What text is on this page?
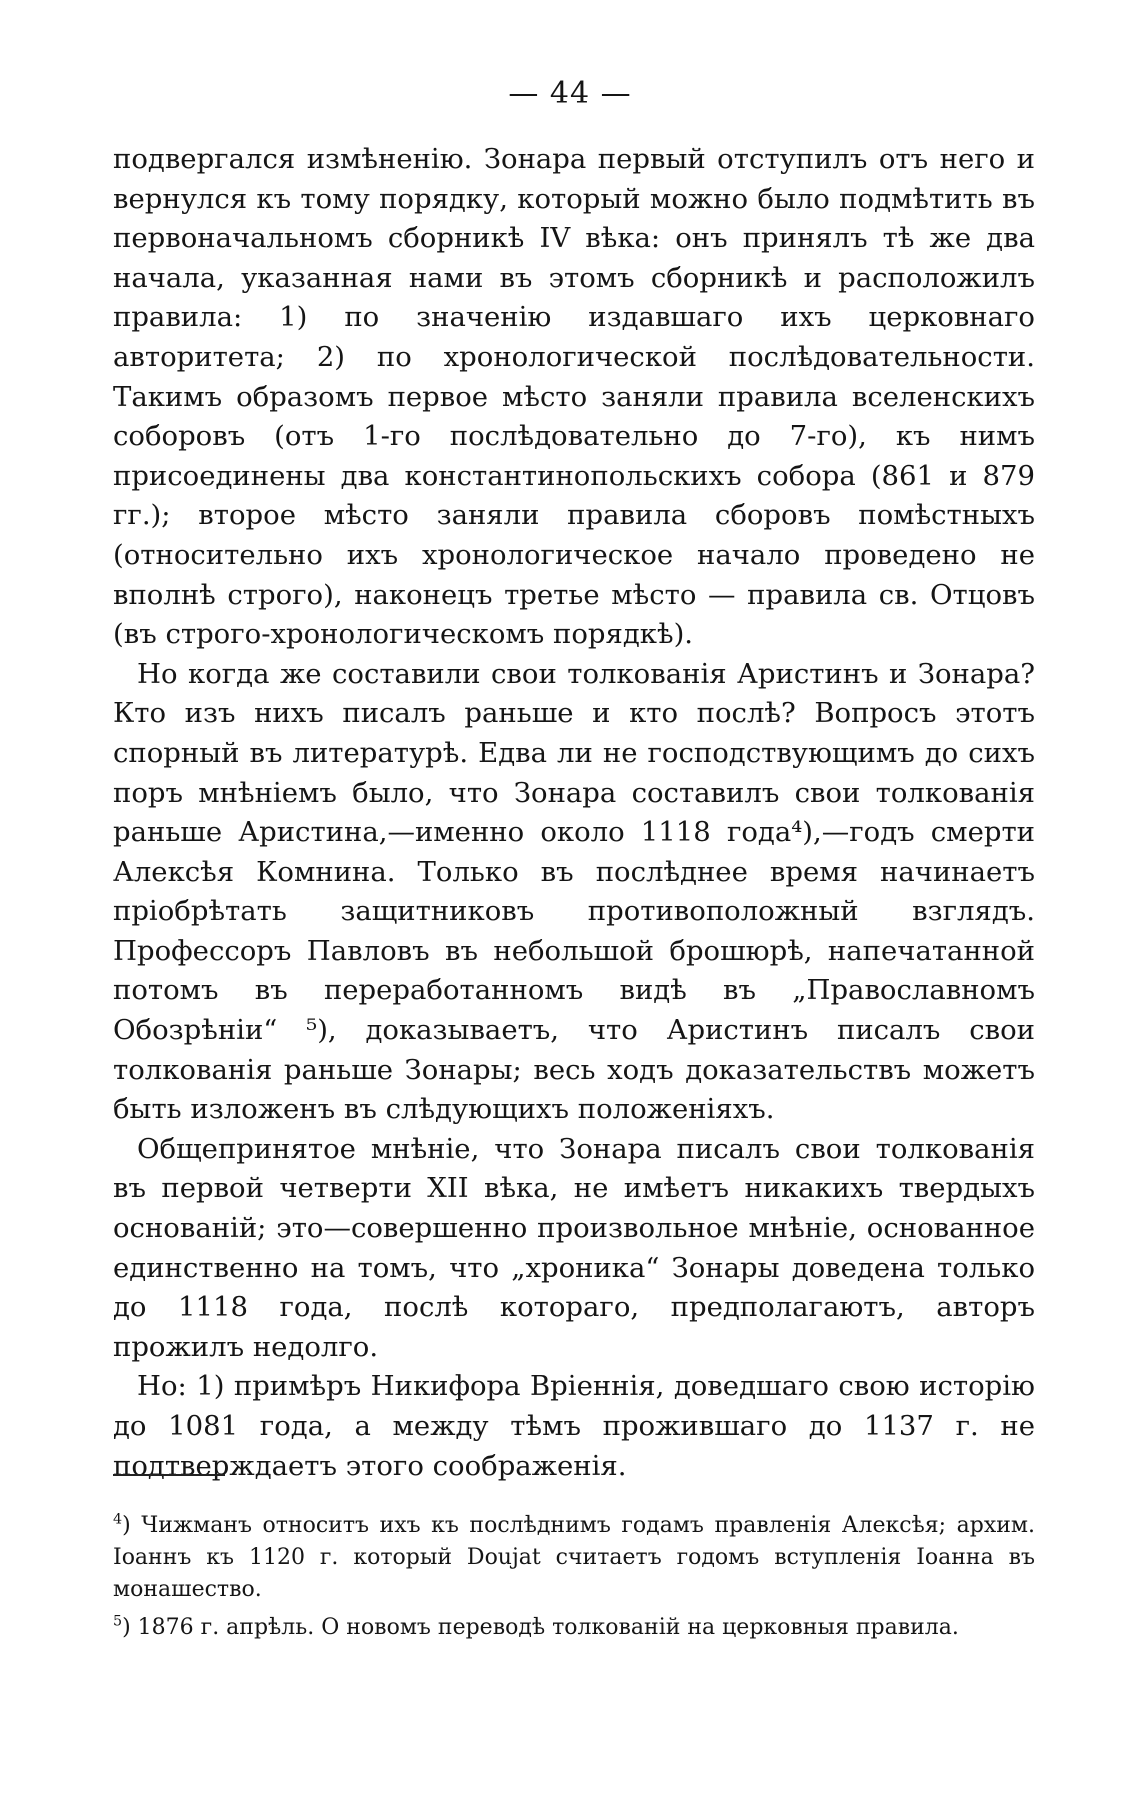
— 44 —

подвергался измѣненію. Зонара первый отступилъ отъ него и вернулся къ тому порядку, который можно было подмѣтить въ первоначальномъ сборникѣ IV вѣка: онъ принялъ тѣ же два начала, указанная нами въ этомъ сборникѣ и расположилъ правила: 1) по значенію издавшаго ихъ церковнаго авторитета; 2) по хронологической послѣдовательности. Такимъ образомъ первое мѣсто заняли правила вселенскихъ соборовъ (отъ 1-го послѣдовательно до 7-го), къ нимъ присоединены два константинопольскихъ собора (861 и 879 гг.); второе мѣсто заняли правила сборовъ помѣстныхъ (относительно ихъ хронологическое начало проведено не вполнѣ строго), наконецъ третье мѣсто — правила св. Отцовъ (въ строго-хронологическомъ порядкѣ).

Но когда же составили свои толкованія Аристинъ и Зонара? Кто изъ нихъ писалъ раньше и кто послѣ? Вопросъ этотъ спорный въ литературѣ. Едва ли не господствующимъ до сихъ поръ мнѣніемъ было, что Зонара составилъ свои толкованія раньше Аристина,—именно около 1118 года⁴),—годъ смерти Алексѣя Комнина. Только въ послѣднее время начинаетъ пріобрѣтать защитниковъ противоположный взглядъ. Профессоръ Павловъ въ небольшой брошюрѣ, напечатанной потомъ въ переработанномъ видѣ въ „Православномъ Обозрѣніи“ ⁵), доказываетъ, что Аристинъ писалъ свои толкованія раньше Зонары; весь ходъ доказательствъ можетъ быть изложенъ въ слѣдующихъ положеніяхъ.

Общепринятое мнѣніе, что Зонара писалъ свои толкованія въ первой четверти XII вѣка, не имѣетъ никакихъ твердыхъ основаній; это—совершенно произвольное мнѣніе, основанное единственно на томъ, что „хроника“ Зонары доведена только до 1118 года, послѣ котораго, предполагаютъ, авторъ прожилъ недолго.

Но: 1) примѣръ Никифора Вріеннія, доведшаго свою исторію до 1081 года, а между тѣмъ прожившаго до 1137 г. не подтверждаетъ этого соображенія.

$^4$) Чижманъ относитъ ихъ къ послѣднимъ годамъ правленія Алексѣя; архим. Іоаннъ къ 1120 г. который Doujat считаетъ годомъ вступленія Іоанна въ монашество.

$^5$) 1876 г. апрѣль. О новомъ переводѣ толкованій на церковныя правила.
